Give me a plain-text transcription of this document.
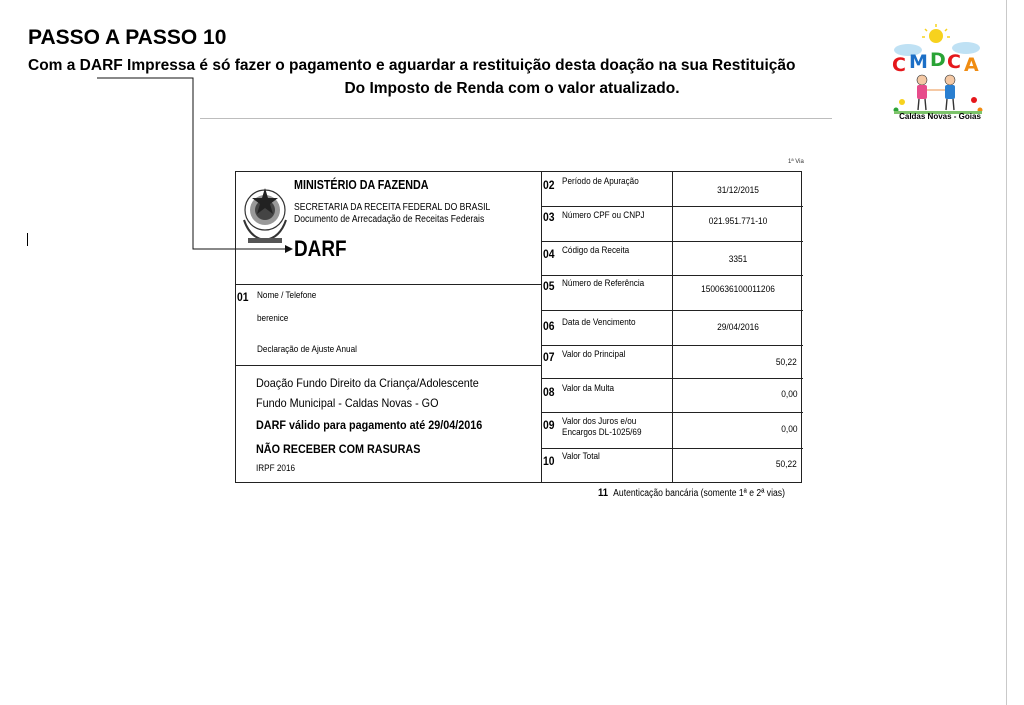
PASSO A PASSO 10
Com a DARF Impressa é só fazer o pagamento e aguardar a restituição desta doação na sua Restituição
Do Imposto de Renda com o valor atualizado.
C M D C A
Caldas Novas - Goias
1ª Via
MINISTÉRIO DA FAZENDA
SECRETARIA DA RECEITA FEDERAL DO BRASIL
Documento de Arrecadação de Receitas Federais
DARF
01 Nome / Telefone
berenice
Declaração de Ajuste Anual
Doação Fundo Direito da Criança/Adolescente
Fundo Municipal - Caldas Novas - GO
DARF válido para pagamento até 29/04/2016
NÃO RECEBER COM RASURAS
IRPF 2016
02 Período de Apuração
31/12/2015
03 Número CPF ou CNPJ
021.951.771-10
04 Código da Receita
3351
05 Número de Referência
1500636100011206
06 Data de Vencimento	29/04/2016
07 Valor do Principal
50,22
08 Valor da Multa
0,00
09 Valor dos Juros e/ou
Encargos DL-1025/69	0,00
10 Valor Total
50,22
11 Autenticação bancária (somente 1ª e 2ª vias)
